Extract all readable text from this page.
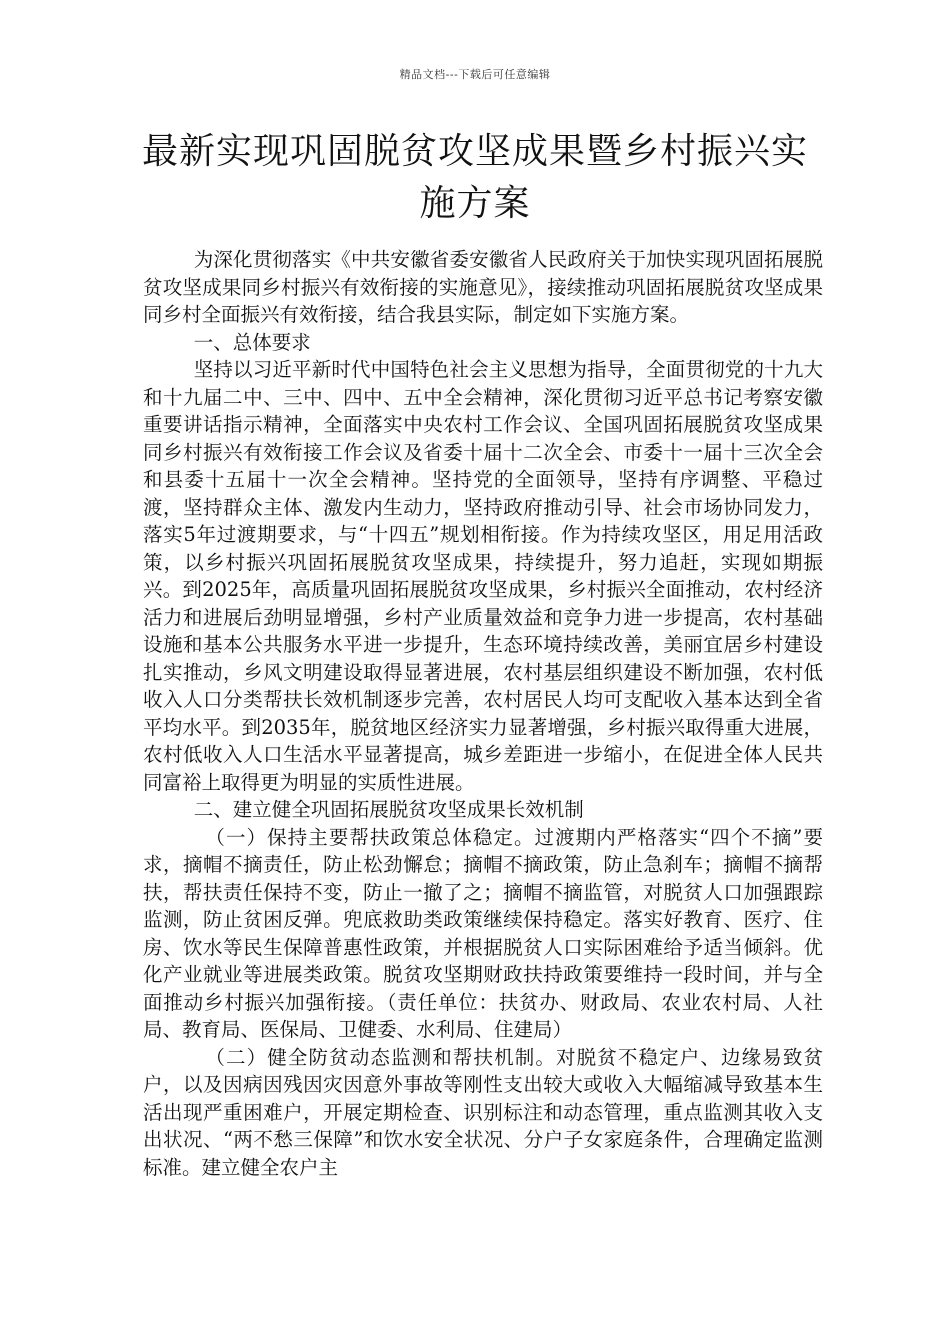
精品文档---下载后可任意编辑
最新实现巩固脱贫攻坚成果暨乡村振兴实
施方案

为深化贯彻落实《中共安徽省委安徽省人民政府关于加快实现巩固拓展脱贫攻坚成果同乡村振兴有效衔接的实施意见》，接续推动巩固拓展脱贫攻坚成果同乡村全面振兴有效衔接，结合我县实际，制定如下实施方案。

一、总体要求

坚持以习近平新时代中国特色社会主义思想为指导，全面贯彻党的十九大和十九届二中、三中、四中、五中全会精神，深化贯彻习近平总书记考察安徽重要讲话指示精神，全面落实中央农村工作会议、全国巩固拓展脱贫攻坚成果同乡村振兴有效衔接工作会议及省委十届十二次全会、市委十一届十三次全会和县委十五届十一次全会精神。坚持党的全面领导，坚持有序调整、平稳过渡，坚持群众主体、激发内生动力，坚持政府推动引导、社会市场协同发力，落实5年过渡期要求，与“十四五”规划相衔接。作为持续攻坚区，用足用活政策，以乡村振兴巩固拓展脱贫攻坚成果，持续提升，努力追赶，实现如期振兴。到2025年，高质量巩固拓展脱贫攻坚成果，乡村振兴全面推动，农村经济活力和进展后劲明显增强，乡村产业质量效益和竞争力进一步提高，农村基础设施和基本公共服务水平进一步提升，生态环境持续改善，美丽宜居乡村建设扎实推动，乡风文明建设取得显著进展，农村基层组织建设不断加强，农村低收入人口分类帮扶长效机制逐步完善，农村居民人均可支配收入基本达到全省平均水平。到2035年，脱贫地区经济实力显著增强，乡村振兴取得重大进展，农村低收入人口生活水平显著提高，城乡差距进一步缩小，在促进全体人民共同富裕上取得更为明显的实质性进展。

二、建立健全巩固拓展脱贫攻坚成果长效机制

（一）保持主要帮扶政策总体稳定。过渡期内严格落实“四个不摘”要求，摘帽不摘责任，防止松劲懈怠；摘帽不摘政策，防止急刹车；摘帽不摘帮扶，帮扶责任保持不变，防止一撤了之；摘帽不摘监管，对脱贫人口加强跟踪监测，防止贫困反弹。兜底救助类政策继续保持稳定。落实好教育、医疗、住房、饮水等民生保障普惠性政策，并根据脱贫人口实际困难给予适当倾斜。优化产业就业等进展类政策。脱贫攻坚期财政扶持政策要维持一段时间，并与全面推动乡村振兴加强衔接。（责任单位：扶贫办、财政局、农业农村局、人社局、教育局、医保局、卫健委、水利局、住建局）

（二）健全防贫动态监测和帮扶机制。对脱贫不稳定户、边缘易致贫户，以及因病因残因灾因意外事故等刚性支出较大或收入大幅缩减导致基本生活出现严重困难户，开展定期检查、识别标注和动态管理，重点监测其收入支出状况、“两不愁三保障”和饮水安全状况、分户子女家庭条件，合理确定监测标准。建立健全农户主
